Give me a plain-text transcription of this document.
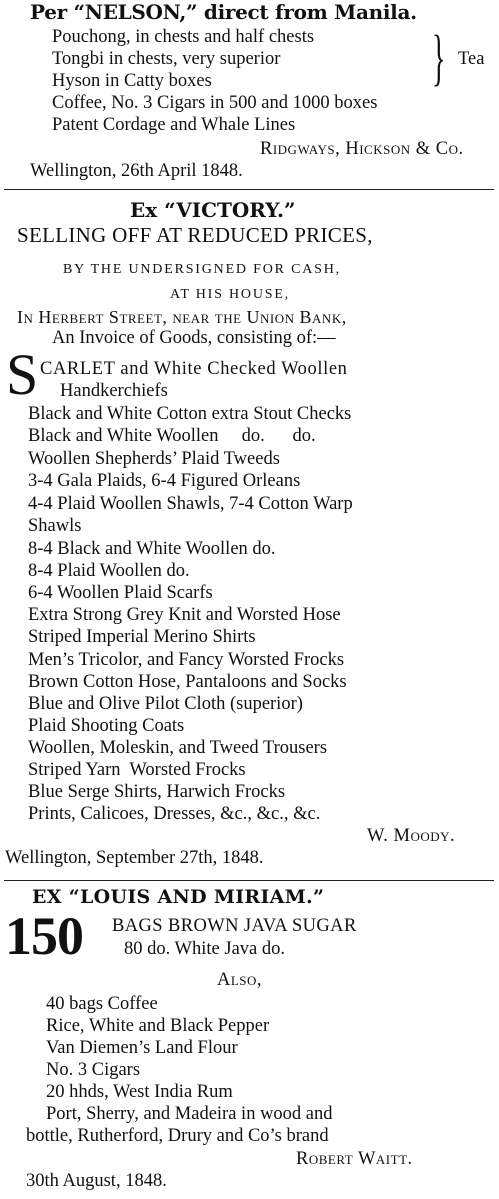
Per “NELSON,” direct from Manila.
Pouchong, in chests and half chests
Tongbi in chests, very superior
Hyson in Catty boxes	} Tea
Coffee, No. 3 Cigars in 500 and 1000 boxes
Patent Cordage and Whale Lines
Ridgways, Hickson & Co.
Wellington, 26th April 1848.
Ex “VICTORY.”
SELLING OFF AT REDUCED PRICES,
BY THE UNDERSIGNED FOR CASH,
AT HIS HOUSE,
In Herbert Street, near the Union Bank,
An Invoice of Goods, consisting of:—
S CARLET and White Checked Woollen
Handkerchiefs
Black and White Cotton extra Stout Checks
Black and White Woollen     do.      do.
Woollen Shepherds’ Plaid Tweeds
3-4 Gala Plaids, 6-4 Figured Orleans
4-4 Plaid Woollen Shawls, 7-4 Cotton Warp
Shawls
8-4 Black and White Woollen do.
8-4 Plaid Woollen do.
6-4 Woollen Plaid Scarfs
Extra Strong Grey Knit and Worsted Hose
Striped Imperial Merino Shirts
Men’s Tricolor, and Fancy Worsted Frocks
Brown Cotton Hose, Pantaloons and Socks
Blue and Olive Pilot Cloth (superior)
Plaid Shooting Coats
Woollen, Moleskin, and Tweed Trousers
Striped Yarn  Worsted Frocks
Blue Serge Shirts, Harwich Frocks
Prints, Calicoes, Dresses, &c., &c., &c.
W. Moody.
Wellington, September 27th, 1848.
EX “LOUIS AND MIRIAM.”
150 BAGS BROWN JAVA SUGAR
80 do. White Java do.
Also,
40 bags Coffee
Rice, White and Black Pepper
Van Diemen’s Land Flour
No. 3 Cigars
20 hhds, West India Rum
Port, Sherry, and Madeira in wood and
bottle, Rutherford, Drury and Co’s brand
Robert Waitt.
30th August, 1848.
